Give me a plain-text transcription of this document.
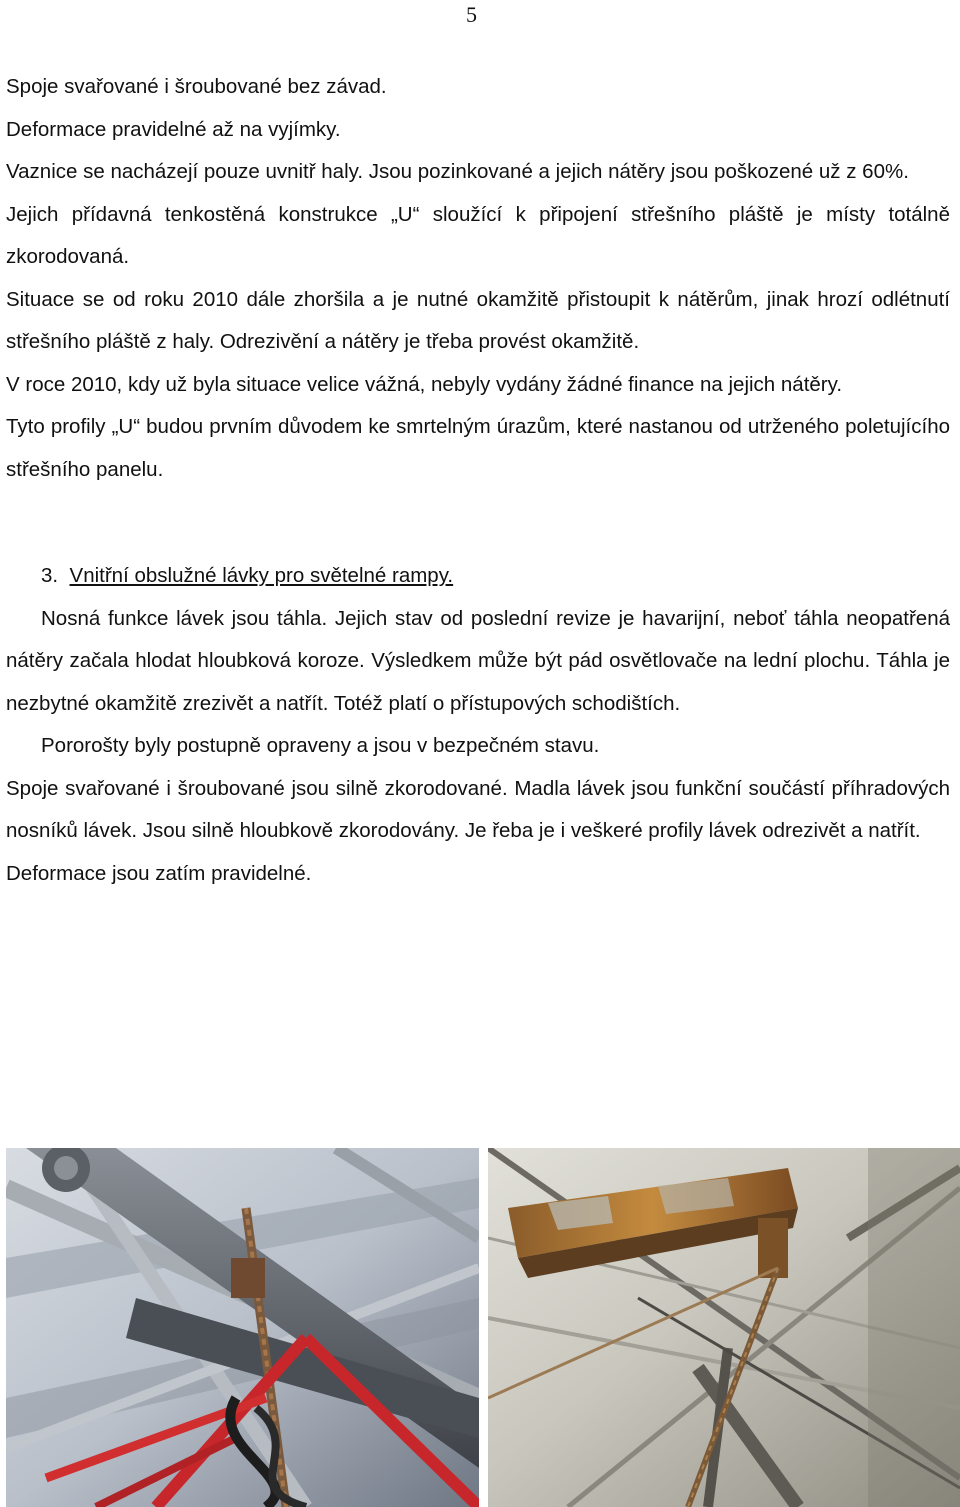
5

Spoje svařované i šroubované bez závad.

Deformace pravidelné až na vyjímky.

Vaznice se nacházejí pouze uvnitř haly. Jsou pozinkované a jejich nátěry jsou poškozené už z 60%.

Jejich přídavná tenkostěná konstrukce „U“ sloužící k připojení střešního pláště je místy totálně zkorodovaná.

Situace se od roku 2010 dále zhoršila a je nutné okamžitě přistoupit k nátěrům, jinak hrozí odlétnutí střešního pláště z haly. Odrezivění a nátěry je třeba provést okamžitě.

V roce 2010, kdy už byla situace velice vážná, nebyly vydány žádné finance na jejich nátěry.

Tyto profily „U“ budou prvním důvodem ke smrtelným úrazům, které nastanou od utrženého poletujícího střešního panelu.

3. Vnitřní obslužné lávky pro světelné rampy.

Nosná funkce lávek jsou táhla. Jejich stav od poslední revize je havarijní, neboť táhla neopatřená nátěry začala hlodat hloubková koroze. Výsledkem může být pád osvětlovače na lední plochu. Táhla je nezbytné okamžitě zrezivět a natřít. Totéž platí o přístupových schodištích.

Pororošty byly postupně opraveny a jsou v bezpečném stavu.

Spoje svařované i šroubované jsou silně zkorodované. Madla lávek jsou funkční součástí příhradových nosníků lávek. Jsou silně hloubkově zkorodovány. Je řeba je i veškeré profily lávek odrezivět a natřít.

Deformace jsou zatím pravidelné.
